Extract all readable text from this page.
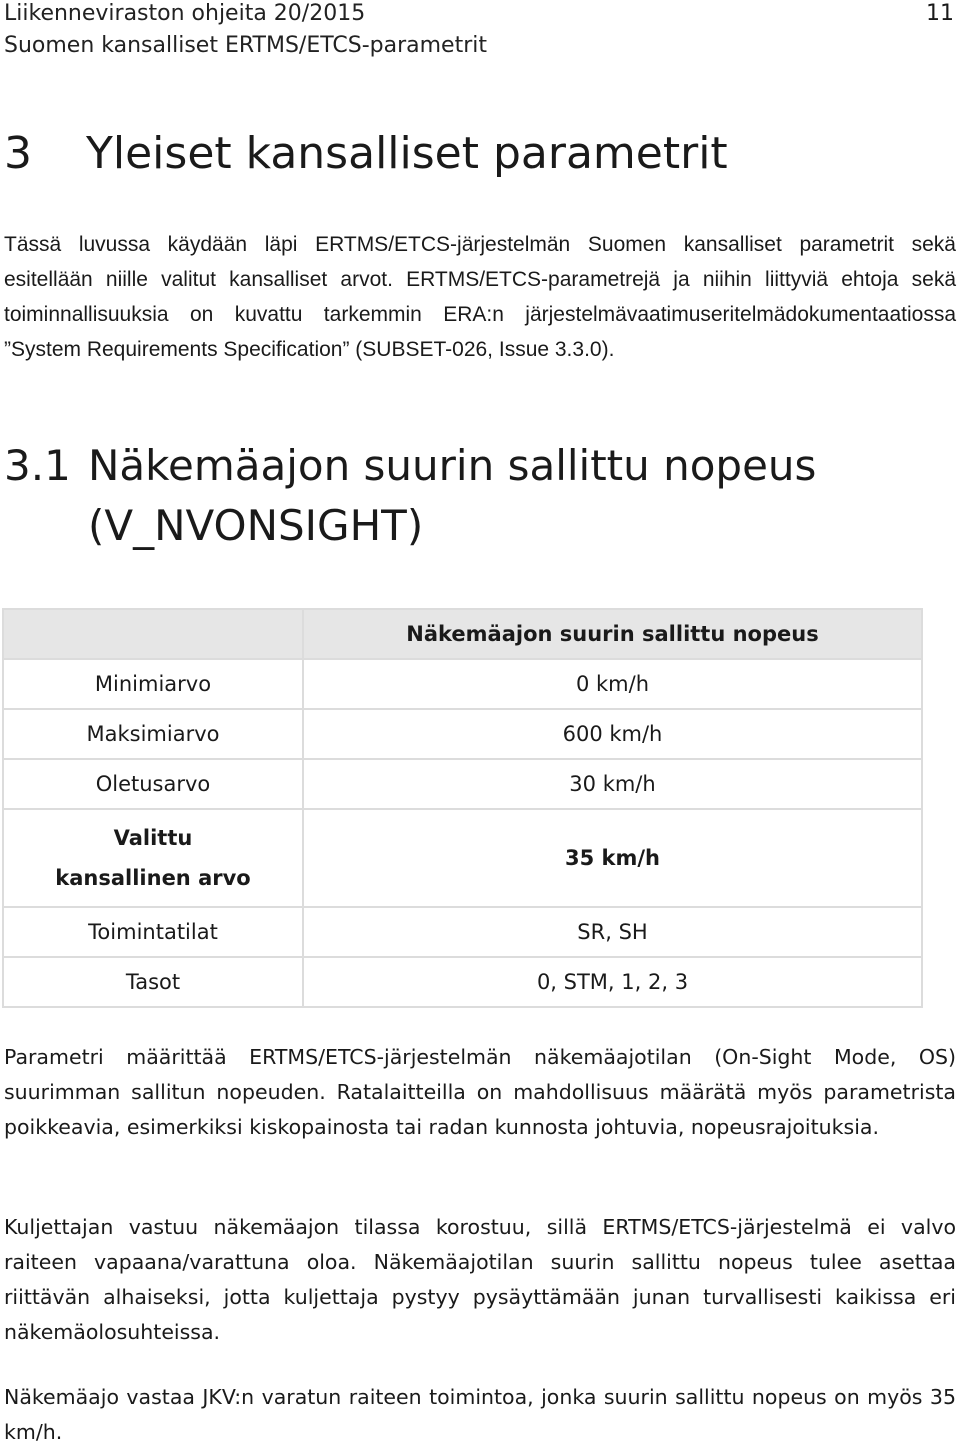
Liikenneviraston ohjeita 20/2015
Suomen kansalliset ERTMS/ETCS-parametrit
11
3 Yleiset kansalliset parametrit
Tässä luvussa käydään läpi ERTMS/ETCS-järjestelmän Suomen kansalliset parametrit sekä esitellään niille valitut kansalliset arvot. ERTMS/ETCS-parametrejä ja niihin liittyviä ehtoja sekä toiminnallisuuksia on kuvattu tarkemmin ERA:n järjestelmävaatimuseritelmädokumentaatiossa ”System Requirements Specification” (SUBSET-026, Issue 3.3.0).
3.1 Näkemäajon suurin sallittu nopeus
(V_NVONSIGHT)
	Näkemäajon suurin sallittu nopeus
Minimiarvo	0 km/h
Maksimiarvo	600 km/h
Oletusarvo	30 km/h
Valittu
kansallinen arvo	35 km/h
Toimintatilat	SR, SH
Tasot	0, STM, 1, 2, 3
Parametri määrittää ERTMS/ETCS-järjestelmän näkemäajotilan (On-Sight Mode, OS) suurimman sallitun nopeuden. Ratalaitteilla on mahdollisuus määrätä myös parametrista poikkeavia, esimerkiksi kiskopainosta tai radan kunnosta johtuvia, nopeusrajoituksia.
Kuljettajan vastuu näkemäajon tilassa korostuu, sillä ERTMS/ETCS-järjestelmä ei valvo raiteen vapaana/varattuna oloa. Näkemäajotilan suurin sallittu nopeus tulee asettaa riittävän alhaiseksi, jotta kuljettaja pystyy pysäyttämään junan turvallisesti kaikissa eri näkemäolosuhteissa.
Näkemäajo vastaa JKV:n varatun raiteen toimintoa, jonka suurin sallittu nopeus on myös 35 km/h.
